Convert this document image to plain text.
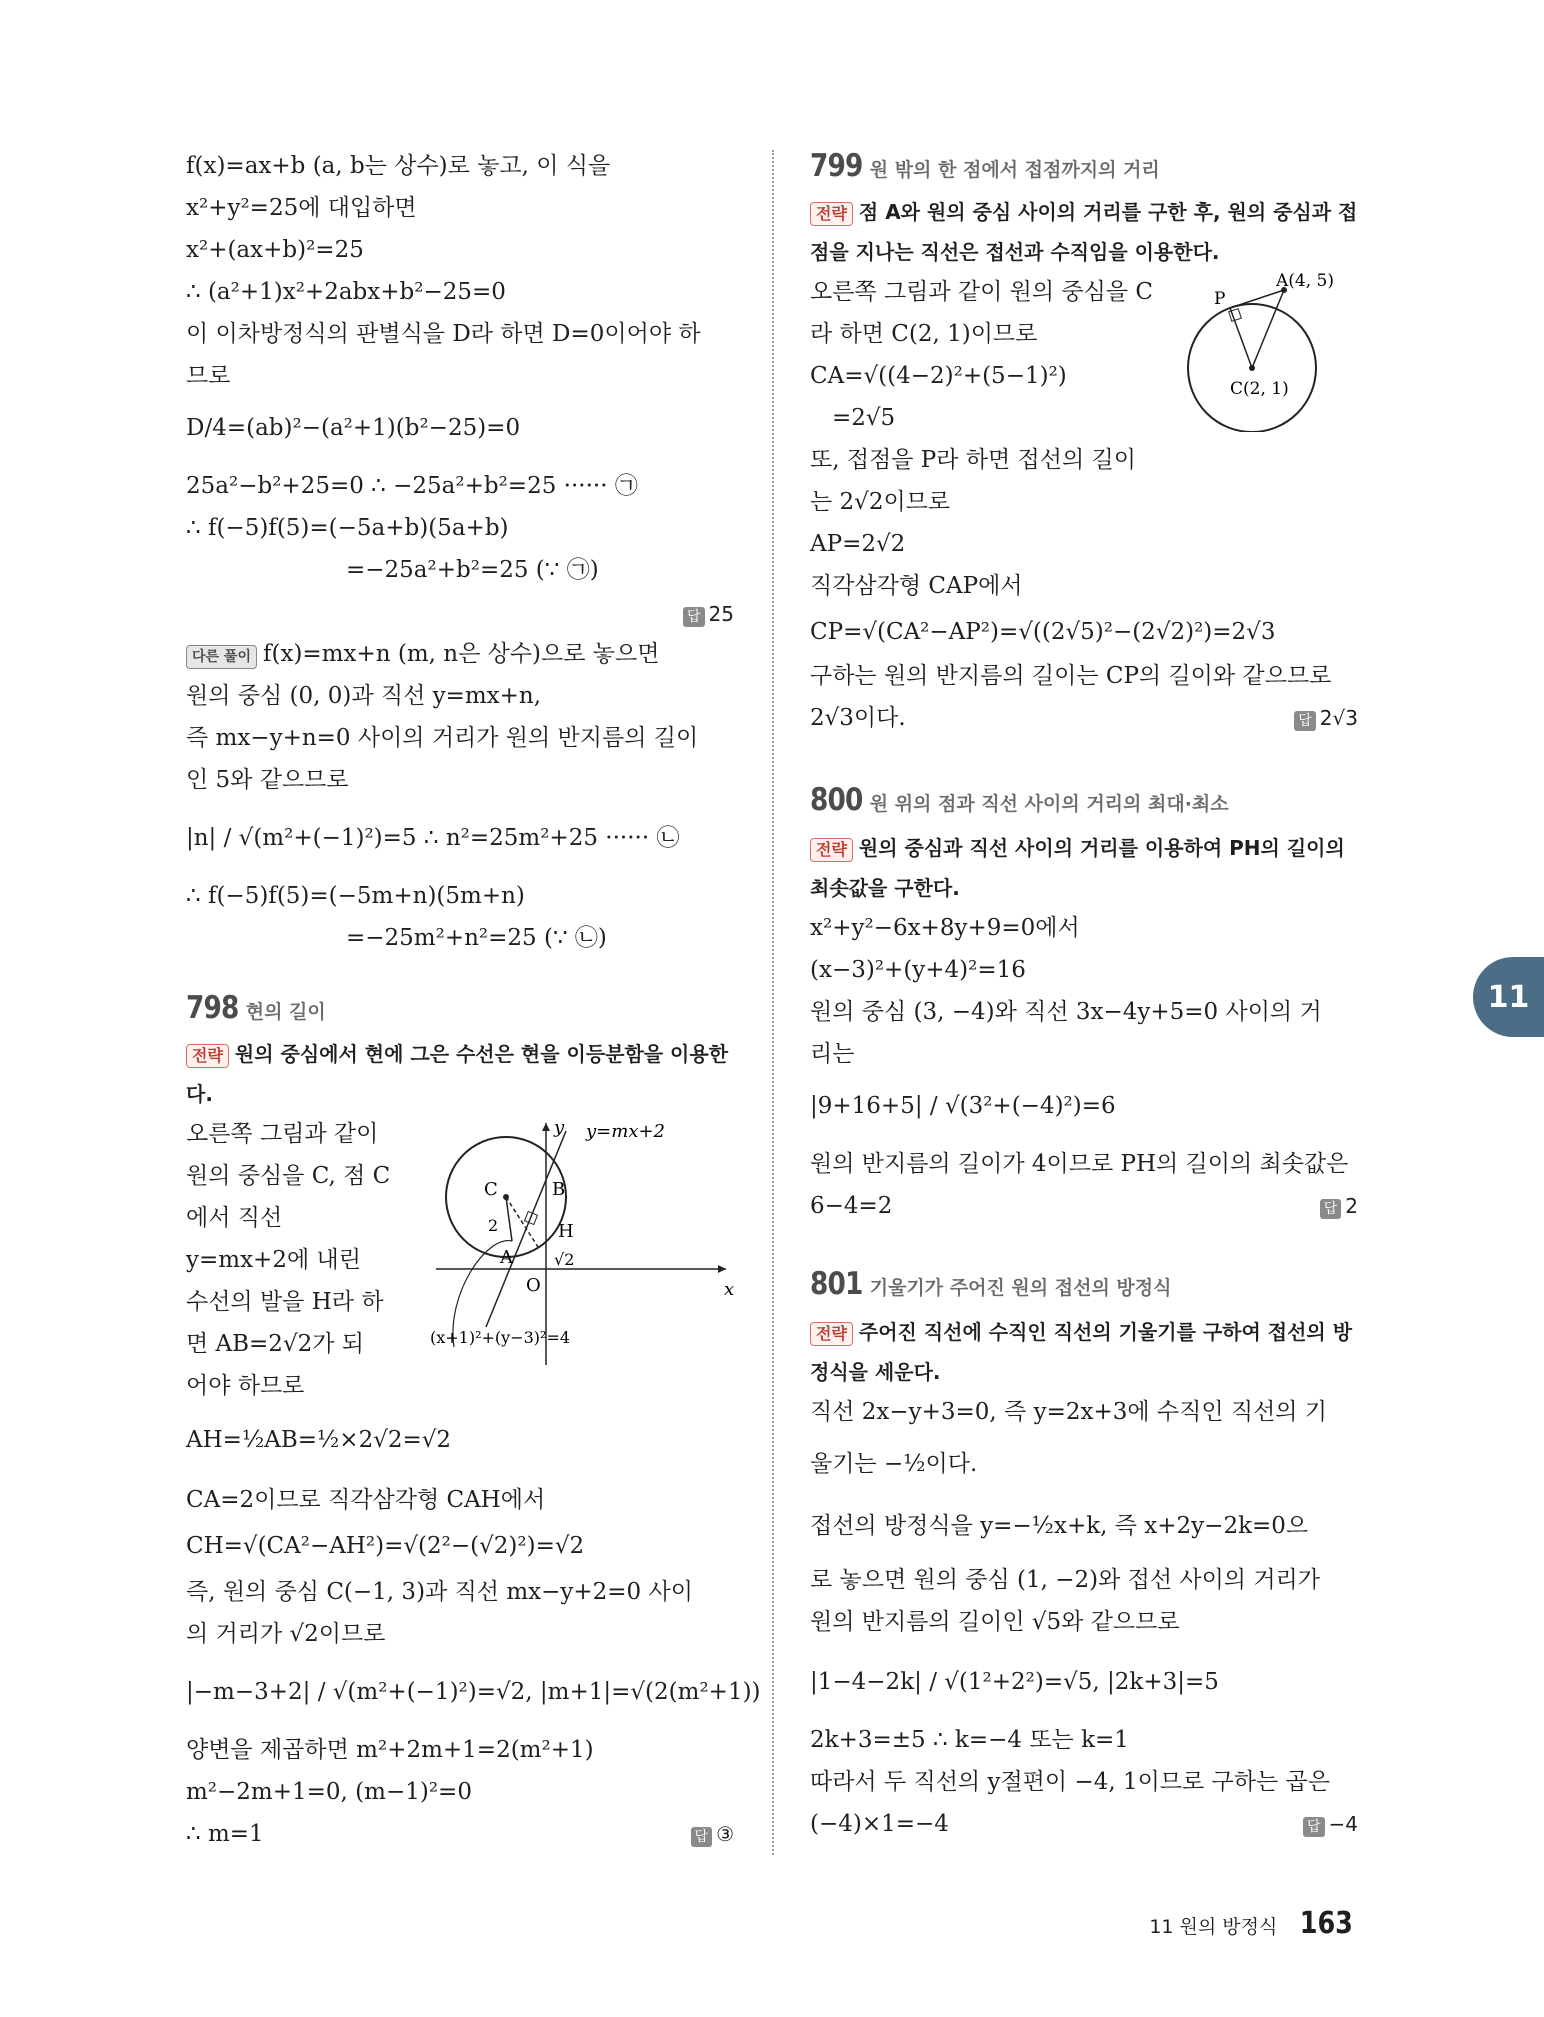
f(x)=ax+b (a, b는 상수)로 놓고, 이 식을
x²+y²=25에 대입하면
x²+(ax+b)²=25
∴ (a²+1)x²+2abx+b²−25=0
이 이차방정식의 판별식을 D라 하면 D=0이어야 하
므로
D/4=(ab)²−(a²+1)(b²−25)=0
25a²−b²+25=0 ∴ −25a²+b²=25 ······ ㉠
∴ f(−5)f(5)=(−5a+b)(5a+b)
=−25a²+b²=25 (∵ ㉠)
답 25
다른 풀이 f(x)=mx+n (m, n은 상수)으로 놓으면
원의 중심 (0, 0)과 직선 y=mx+n,
즉 mx−y+n=0 사이의 거리가 원의 반지름의 길이
인 5와 같으므로
|n| / √(m²+(−1)²)=5 ∴ n²=25m²+25 ······ ㉡
∴ f(−5)f(5)=(−5m+n)(5m+n)
=−25m²+n²=25 (∵ ㉡)
798 현의 길이
전략 원의 중심에서 현에 그은 수선은 현을 이등분함을 이용한
다.
오른쪽 그림과 같이
원의 중심을 C, 점 C
에서 직선
y=mx+2에 내린
수선의 발을 H라 하
면 AB=2√2가 되
어야 하므로
y
x
y=mx+2
C	B
H
A
O
2
√2
(x+1)²+(y−3)²=4
AH=½AB=½×2√2=√2
CA=2이므로 직각삼각형 CAH에서
CH=√(CA²−AH²)=√(2²−(√2)²)=√2
즉, 원의 중심 C(−1, 3)과 직선 mx−y+2=0 사이
의 거리가 √2이므로
|−m−3+2| / √(m²+(−1)²)=√2, |m+1|=√(2(m²+1))
양변을 제곱하면 m²+2m+1=2(m²+1)
m²−2m+1=0, (m−1)²=0
∴ m=1	답 ③
799 원 밖의 한 점에서 접점까지의 거리
전략 점 A와 원의 중심 사이의 거리를 구한 후, 원의 중심과 접
점을 지나는 직선은 접선과 수직임을 이용한다.
오른쪽 그림과 같이 원의 중심을 C
라 하면 C(2, 1)이므로
CA=√((4−2)²+(5−1)²)
=2√5
또, 접점을 P라 하면 접선의 길이
는 2√2이므로
AP=2√2
직각삼각형 CAP에서
CP=√(CA²−AP²)=√((2√5)²−(2√2)²)=2√3
구하는 원의 반지름의 길이는 CP의 길이와 같으므로
2√3이다.	답 2√3
P
A(4, 5)
C(2, 1)
800 원 위의 점과 직선 사이의 거리의 최대·최소
전략 원의 중심과 직선 사이의 거리를 이용하여 PH의 길이의
최솟값을 구한다.
x²+y²−6x+8y+9=0에서
(x−3)²+(y+4)²=16
원의 중심 (3, −4)와 직선 3x−4y+5=0 사이의 거
리는
|9+16+5| / √(3²+(−4)²)=6
원의 반지름의 길이가 4이므로 PH의 길이의 최솟값은
6−4=2	답 2
801 기울기가 주어진 원의 접선의 방정식
전략 주어진 직선에 수직인 직선의 기울기를 구하여 접선의 방
정식을 세운다.
직선 2x−y+3=0, 즉 y=2x+3에 수직인 직선의 기
울기는 −½이다.
접선의 방정식을 y=−½x+k, 즉 x+2y−2k=0으
로 놓으면 원의 중심 (1, −2)와 접선 사이의 거리가
원의 반지름의 길이인 √5와 같으므로
|1−4−2k| / √(1²+2²)=√5, |2k+3|=5
2k+3=±5 ∴ k=−4 또는 k=1
따라서 두 직선의 y절편이 −4, 1이므로 구하는 곱은
(−4)×1=−4	답 −4
11
11 원의 방정식 163
